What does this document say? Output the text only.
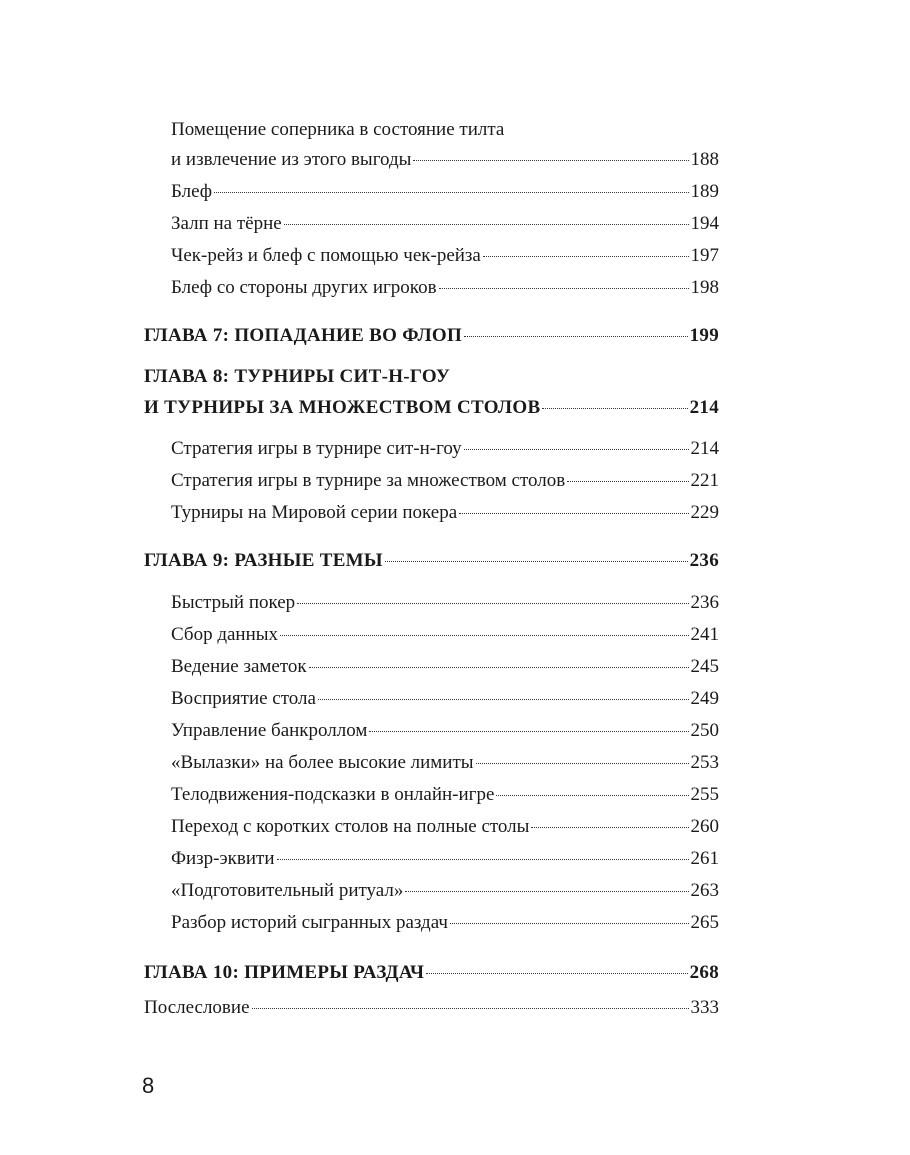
Помещение соперника в состояние тилта
и извлечение из этого выгоды	188
Блеф	189
Залп на тёрне	194
Чек-рейз и блеф с помощью чек-рейза	197
Блеф со стороны других игроков	198
ГЛАВА 7: ПОПАДАНИЕ ВО ФЛОП	199
ГЛАВА 8: ТУРНИРЫ СИТ-Н-ГОУ
И ТУРНИРЫ ЗА МНОЖЕСТВОМ СТОЛОВ	214
Стратегия игры в турнире сит-н-гоу	214
Стратегия игры в турнире за множеством столов	221
Турниры на Мировой серии покера	229
ГЛАВА 9: РАЗНЫЕ ТЕМЫ	236
Быстрый покер	236
Сбор данных	241
Ведение заметок	245
Восприятие стола	249
Управление банкроллом	250
«Вылазки» на более высокие лимиты	253
Телодвижения-подсказки в онлайн-игре	255
Переход с коротких столов на полные столы	260
Физр-эквити	261
«Подготовительный ритуал»	263
Разбор историй сыгранных раздач	265
ГЛАВА 10: ПРИМЕРЫ РАЗДАЧ	268
Послесловие	333
8
